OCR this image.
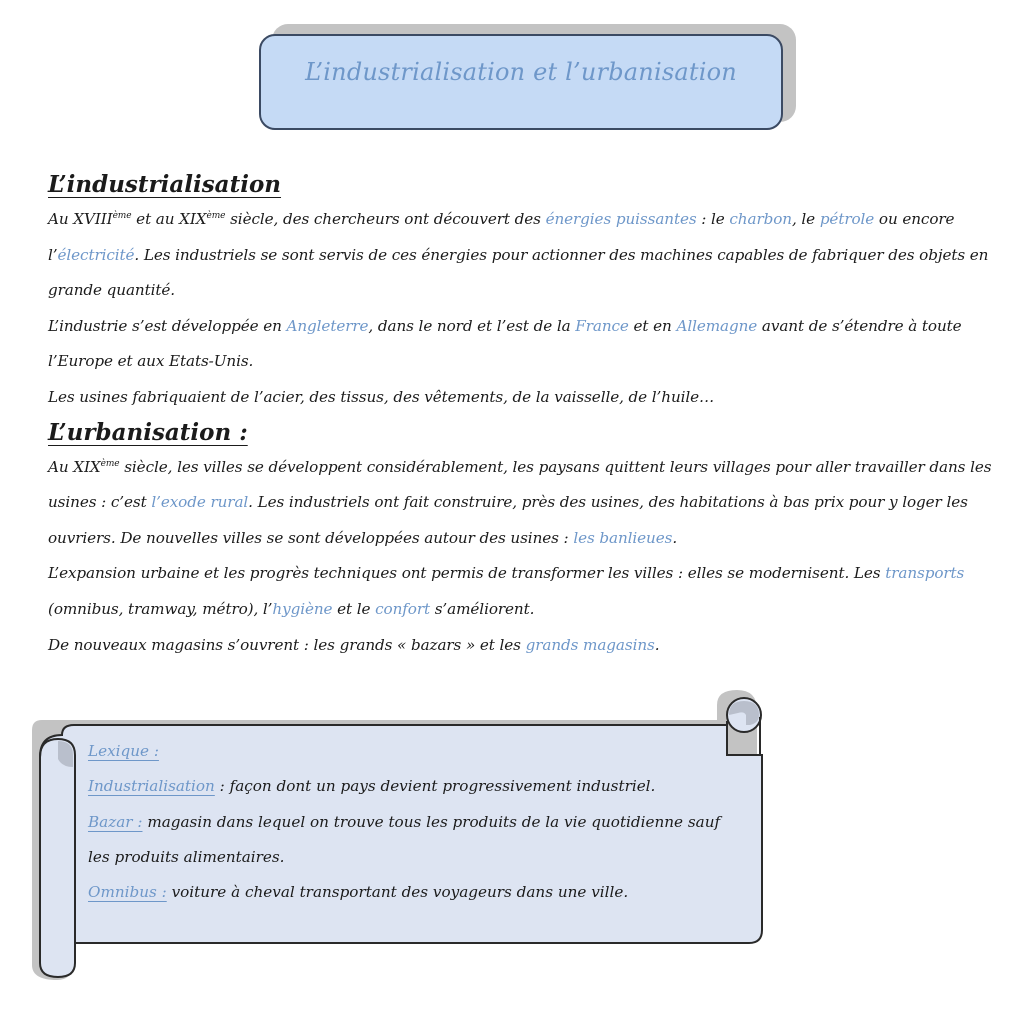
L’industrialisation et l’urbanisation
L’industrialisation

Au XVIIIème et au XIXème siècle, des chercheurs ont découvert des énergies puissantes : le charbon, le pétrole ou encore
l’électricité. Les industriels se sont servis de ces énergies pour actionner des machines capables de fabriquer des objets en
grande quantité.

L’industrie s’est développée en Angleterre, dans le nord et l’est de la France et en Allemagne avant de s’étendre à toute
l’Europe et aux Etats-Unis.

Les usines fabriquaient de l’acier, des tissus, des vêtements, de la vaisselle, de l’huile…

L’urbanisation :

Au XIXème siècle, les villes se développent considérablement, les paysans quittent leurs villages pour aller travailler dans les
usines : c’est l’exode rural. Les industriels ont fait construire, près des usines, des habitations à bas prix pour y loger les
ouvriers. De nouvelles villes se sont développées autour des usines : les banlieues.

L’expansion urbaine et les progrès techniques ont permis de transformer les villes : elles se modernisent. Les transports
(omnibus, tramway, métro), l’hygiène et le confort s’améliorent.

De nouveaux magasins s’ouvrent : les grands « bazars » et les grands magasins.

Lexique :

Industrialisation : façon dont un pays devient progressivement industriel.

Bazar : magasin dans lequel on trouve tous les produits de la vie quotidienne sauf
les produits alimentaires.

Omnibus : voiture à cheval transportant des voyageurs dans une ville.
